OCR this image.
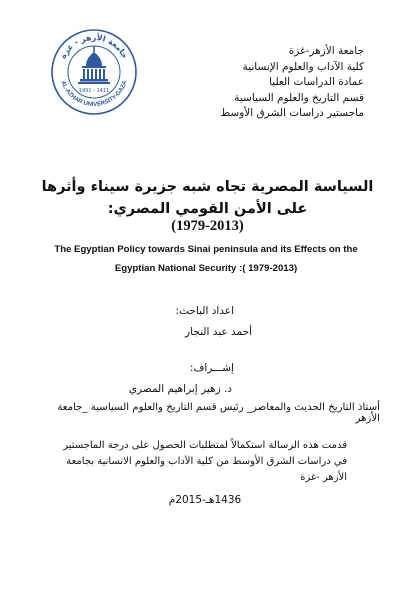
جامعة الأزهر-غزة
كلية الآداب والعلوم الإنسانية
عمادة الدراسات العليا
قسم التاريخ والعلوم السياسية
ماجستير دراسات الشرق الأوسط
جامعة الأزهر - غزة
AL-AZHAR UNIVERSITY-GAZA
1991 - 1411
السياسة المصرية تجاه شبه جزيرة سيناء وأثرها على الأمن القومي المصري:
(1979-2013)
The Egyptian Policy towards Sinai peninsula and its Effects on the
Egyptian National Security :( 1979-2013)
اعداد الباحث:
أحمد عبد النجار
إشـــراف:
د. زهير إبراهيم المصري
أستاذ التاريخ الحديث والمعاصر_ رئيس قسم التاريخ والعلوم السياسية _جامعة الأزهر
قدمت هذه الرسالة استكمالاً لمتطلبات الحصول على درجة الماجستير في دراسات الشرق الأوسط من كلية الآداب والعلوم الانسانية بجامعة الأزهر -غزة
1436هـ-2015م
